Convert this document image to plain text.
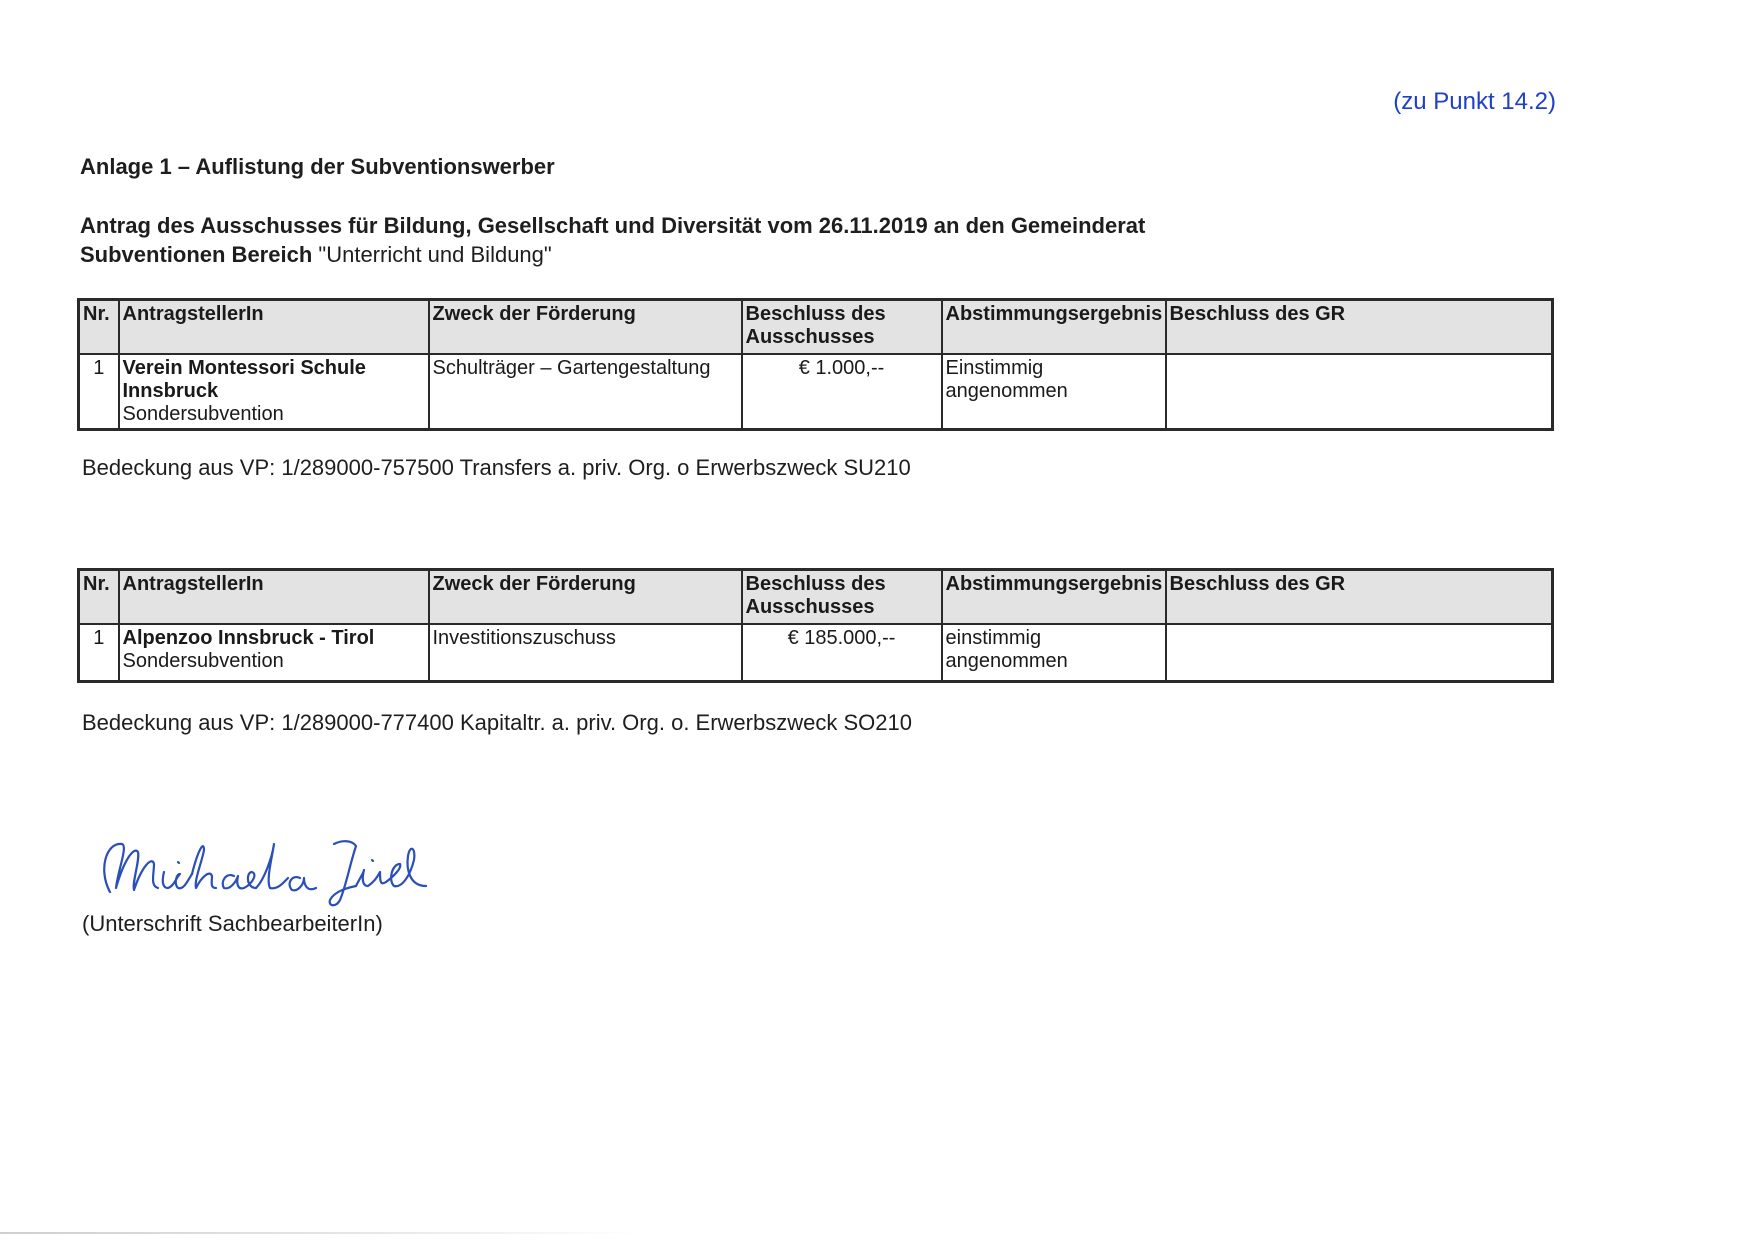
(zu Punkt 14.2)
Anlage 1 – Auflistung der Subventionswerber
Antrag des Ausschusses für Bildung, Gesellschaft und Diversität vom 26.11.2019 an den Gemeinderat
Subventionen Bereich "Unterricht und Bildung"
Nr.	AntragstellerIn	Zweck der Förderung	Beschluss des Ausschusses	Abstimmungsergebnis	Beschluss des GR
1	Verein Montessori Schule Innsbruck
Sondersubvention	Schulträger – Gartengestaltung	€ 1.000,--	Einstimmig angenommen	
Bedeckung aus VP: 1/289000-757500 Transfers a. priv. Org. o Erwerbszweck SU210
Nr.	AntragstellerIn	Zweck der Förderung	Beschluss des Ausschusses	Abstimmungsergebnis	Beschluss des GR
1	Alpenzoo Innsbruck - Tirol
Sondersubvention	Investitionszuschuss	€ 185.000,--	einstimmig angenommen	
Bedeckung aus VP: 1/289000-777400 Kapitaltr. a. priv. Org. o. Erwerbszweck SO210
(Unterschrift SachbearbeiterIn)
